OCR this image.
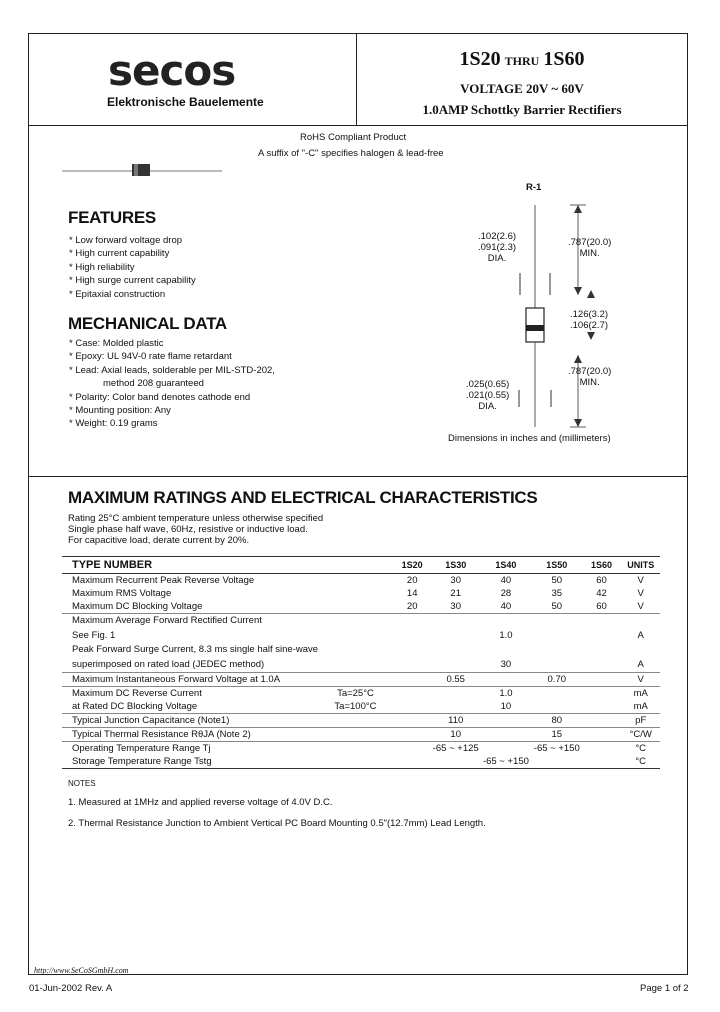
secos
Elektronische Bauelemente
1S20 THRU 1S60
VOLTAGE 20V ~ 60V
1.0AMP Schottky Barrier Rectifiers
RoHS Compliant Product
A suffix of "-C" specifies halogen & lead-free
FEATURES
* Low forward voltage drop
* High current capability
* High reliability
* High surge current capability
* Epitaxial construction
MECHANICAL DATA
* Case: Molded plastic
* Epoxy: UL 94V-0 rate flame retardant
* Lead: Axial leads, solderable per MIL-STD-202,
method 208 guaranteed
* Polarity: Color band denotes cathode end
* Mounting position: Any
* Weight: 0.19 grams
R-1
.102(2.6)
.091(2.3)
DIA.
.787(20.0)
MIN.
.126(3.2)
.106(2.7)
.787(20.0)
MIN.
.025(0.65)
.021(0.55)
DIA.
Dimensions in inches and (millimeters)
MAXIMUM RATINGS AND ELECTRICAL CHARACTERISTICS
Rating 25°C ambient temperature unless otherwise specified
Single phase half wave, 60Hz, resistive or inductive load.
For capacitive load, derate current by 20%.
TYPE NUMBER		1S20	1S30	1S40	1S50	1S60	UNITS
Maximum Recurrent Peak Reverse Voltage		20	30	40	50	60	V
Maximum RMS Voltage		14	21	28	35	42	V
Maximum DC Blocking Voltage		20	30	40	50	60	V
Maximum Average Forward Rectified Current							
See Fig. 1				1.0			A
Peak Forward Surge Current, 8.3 ms single half sine-wave							
superimposed on rated load (JEDEC method)				30			A
Maximum Instantaneous Forward Voltage at 1.0A			0.55		0.70		V
Maximum DC Reverse Current	Ta=25°C			1.0			mA
at Rated DC Blocking Voltage	Ta=100°C			10			mA
Typical Junction Capacitance (Note1)			110		80		pF
Typical Thermal Resistance RθJA (Note 2)			10		15		°C/W
Operating Temperature Range Tj			-65 ~ +125		-65 ~ +150		°C
Storage Temperature Range Tstg				-65 ~ +150			°C
NOTES
1. Measured at 1MHz and applied reverse voltage of 4.0V D.C.
2. Thermal Resistance Junction to Ambient Vertical PC Board Mounting 0.5"(12.7mm) Lead Length.
http://www.SeCoSGmbH.com
01-Jun-2002 Rev. A	Page 1 of 2
